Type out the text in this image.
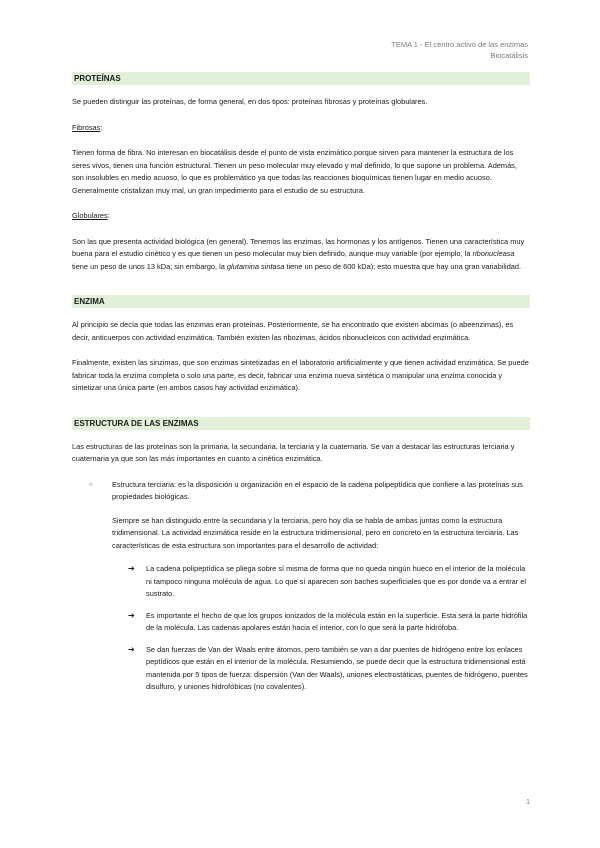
TEMA 1 - El centro activo de las enzimas
Biocatálisis
PROTEÍNAS

Se pueden distinguir las proteínas, de forma general, en dos tipos: proteínas fibrosas y proteínas globulares.

Fibrosas:

Tienen forma de fibra. No interesan en biocatálisis desde el punto de vista enzimático porque sirven para mantener la estructura de los seres vivos, tienen una función estructural. Tienen un peso molecular muy elevado y mal definido, lo que supone un problema. Además, son insolubles en medio acuoso, lo que es problemático ya que todas las reacciones bioquímicas tienen lugar en medio acuoso. Generalmente cristalizan muy mal, un gran impedimento para el estudio de su estructura.

Globulares:

Son las que presenta actividad biológica (en general). Tenemos las enzimas, las hormonas y los antígenos. Tienen una característica muy buena para el estudio cinético y es que tienen un peso molecular muy bien definido, aunque muy variable (por ejemplo, la ribonucleasa tiene un peso de unos 13 kDa; sin embargo, la glutamina sintasa tiene un peso de 600 kDa); esto muestra que hay una gran variabilidad.

ENZIMA

Al principio se decía que todas las enzimas eran proteínas. Posteriormente, se ha encontrado que existen abcimas (o abeenzimas), es decir, anticuerpos con actividad enzimática. También existen las ribozimas, ácidos ribonucleicos con actividad enzimática.

Finalmente, existen las sinzimas, que son enzimas sintetizadas en el laboratorio artificialmente y que tienen actividad enzimática. Se puede fabricar toda la enzima completa o solo una parte, es decir, fabricar una enzima nueva sintética o manipular una enzima conocida y sintetizar una única parte (en ambos casos hay actividad enzimática).

ESTRUCTURA DE LAS ENZIMAS

Las estructuras de las proteínas son la primaria, la secundaria, la terciaria y la cuaternaria. Se van a destacar las estructuras terciaria y cuaternaria ya que son las más importantes en cuanto a cinética enzimática.

○	Estructura terciaria: es la disposición u organización en el espacio de la cadena polipeptídica que confiere a las proteínas sus propiedades biológicas.

Siempre se han distinguido entre la secundaria y la terciaria, pero hoy día se habla de ambas juntas como la estructura tridimensional. La actividad enzimática reside en la estructura tridimensional, pero en concreto en la estructura terciaria. Las características de esta estructura son importantes para el desarrollo de actividad:

➔ La cadena polipeptídica se pliega sobre sí misma de forma que no queda ningún hueco en el interior de la molécula ni tampoco ninguna molécula de agua. Lo que sí aparecen son baches superficiales que es por donde va a entrar el sustrato.
➔ Es importante el hecho de que los grupos ionizados de la molécula están en la superficie. Esta será la parte hidrófila de la molécula. Las cadenas apolares están hacia el interior, con lo que será la parte hidrófoba.
➔ Se dan fuerzas de Van der Waals entre átomos, pero también se van a dar puentes de hidrógeno entre los enlaces peptídicos que están en el interior de la molécula. Resumiendo, se puede decir que la estructura tridimensional está mantenida por 5 tipos de fuerza: dispersión (Van der Waals), uniones electrostáticas, puentes de hidrógeno, puentes disulfuro, y uniones hidrofóbicas (no covalentes).
1
